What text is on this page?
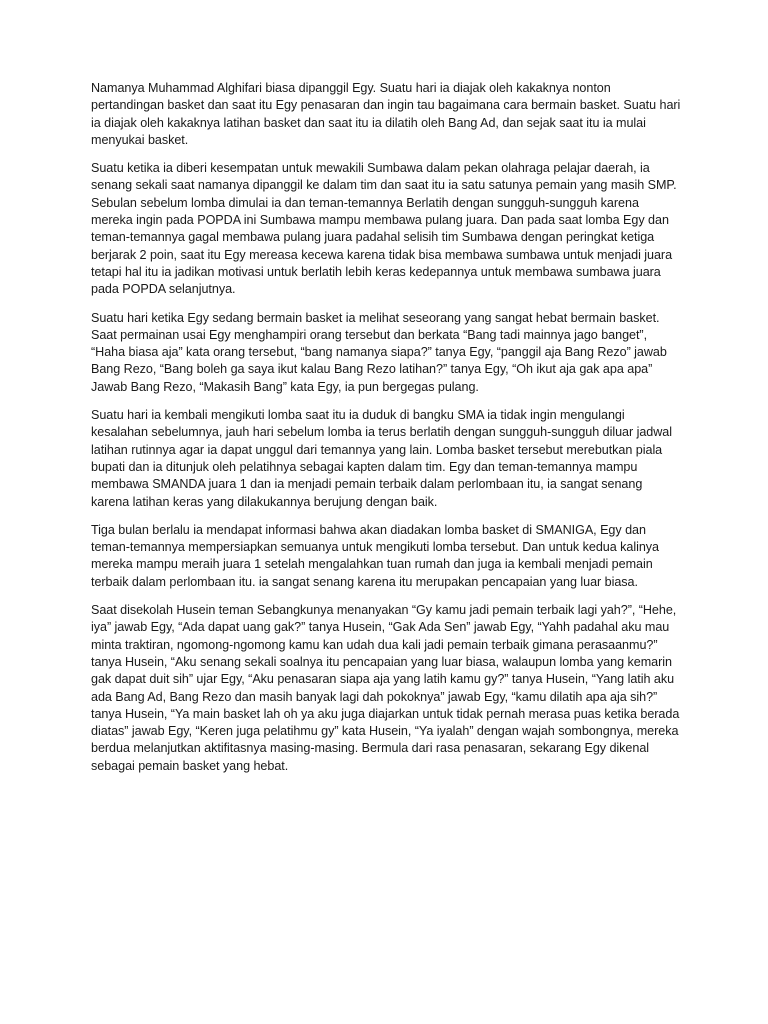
Namanya Muhammad Alghifari biasa dipanggil Egy. Suatu hari ia diajak oleh kakaknya nonton pertandingan basket dan saat itu Egy penasaran dan ingin tau bagaimana cara bermain basket. Suatu hari ia diajak oleh kakaknya latihan basket dan saat itu ia dilatih oleh Bang Ad, dan sejak saat itu ia mulai menyukai basket.

Suatu ketika ia diberi kesempatan untuk mewakili Sumbawa dalam pekan olahraga pelajar daerah, ia senang sekali saat namanya dipanggil ke dalam tim dan saat itu ia satu satunya pemain yang masih SMP. Sebulan sebelum lomba dimulai ia dan teman-temannya Berlatih dengan sungguh-sungguh karena mereka ingin pada POPDA ini Sumbawa mampu membawa pulang juara. Dan pada saat lomba Egy dan teman-temannya gagal membawa pulang juara padahal selisih tim Sumbawa dengan peringkat ketiga berjarak 2 poin, saat itu Egy mereasa kecewa karena tidak bisa membawa sumbawa untuk menjadi juara tetapi hal itu ia jadikan motivasi untuk berlatih lebih keras kedepannya untuk membawa sumbawa juara pada POPDA selanjutnya.

Suatu hari ketika Egy sedang bermain basket ia melihat seseorang yang sangat hebat bermain basket. Saat permainan usai Egy menghampiri orang tersebut dan berkata “Bang tadi mainnya jago banget”, “Haha biasa aja” kata orang tersebut, “bang namanya siapa?” tanya Egy, “panggil aja Bang Rezo” jawab Bang Rezo, “Bang boleh ga saya ikut kalau Bang Rezo latihan?” tanya Egy, “Oh ikut aja gak apa apa” Jawab Bang Rezo, “Makasih Bang” kata Egy, ia pun bergegas pulang.

Suatu hari ia kembali mengikuti lomba saat itu ia duduk di bangku SMA ia tidak ingin mengulangi kesalahan sebelumnya, jauh hari sebelum lomba ia terus berlatih dengan sungguh-sungguh diluar jadwal latihan rutinnya agar ia dapat unggul dari temannya yang lain. Lomba basket tersebut merebutkan piala bupati dan ia ditunjuk oleh pelatihnya sebagai kapten dalam tim. Egy dan teman-temannya mampu membawa SMANDA juara 1 dan ia menjadi pemain terbaik dalam perlombaan itu, ia sangat senang karena latihan keras yang dilakukannya berujung dengan baik.

Tiga bulan berlalu ia mendapat informasi bahwa akan diadakan lomba basket di SMANIGA, Egy dan teman-temannya mempersiapkan semuanya untuk mengikuti lomba tersebut. Dan untuk kedua kalinya mereka mampu meraih juara 1 setelah mengalahkan tuan rumah dan juga ia kembali menjadi pemain terbaik dalam perlombaan itu. ia sangat senang karena itu merupakan pencapaian yang luar biasa.

Saat disekolah Husein teman Sebangkunya menanyakan “Gy kamu jadi pemain terbaik lagi yah?”, “Hehe, iya” jawab Egy, “Ada dapat uang gak?” tanya Husein, “Gak Ada Sen” jawab Egy, “Yahh padahal aku mau minta traktiran, ngomong-ngomong kamu kan udah dua kali jadi pemain terbaik gimana perasaanmu?” tanya Husein, “Aku senang sekali soalnya itu pencapaian yang luar biasa, walaupun lomba yang kemarin gak dapat duit sih” ujar Egy, “Aku penasaran siapa aja yang latih kamu gy?” tanya Husein, “Yang latih aku ada Bang Ad, Bang Rezo dan masih banyak lagi dah pokoknya” jawab Egy, “kamu dilatih apa aja sih?” tanya Husein, “Ya main basket lah oh ya aku juga diajarkan untuk tidak pernah merasa puas ketika berada diatas” jawab Egy, “Keren juga pelatihmu gy” kata Husein, “Ya iyalah” dengan wajah sombongnya, mereka berdua melanjutkan aktifitasnya masing-masing. Bermula dari rasa penasaran, sekarang Egy dikenal sebagai pemain basket yang hebat.
